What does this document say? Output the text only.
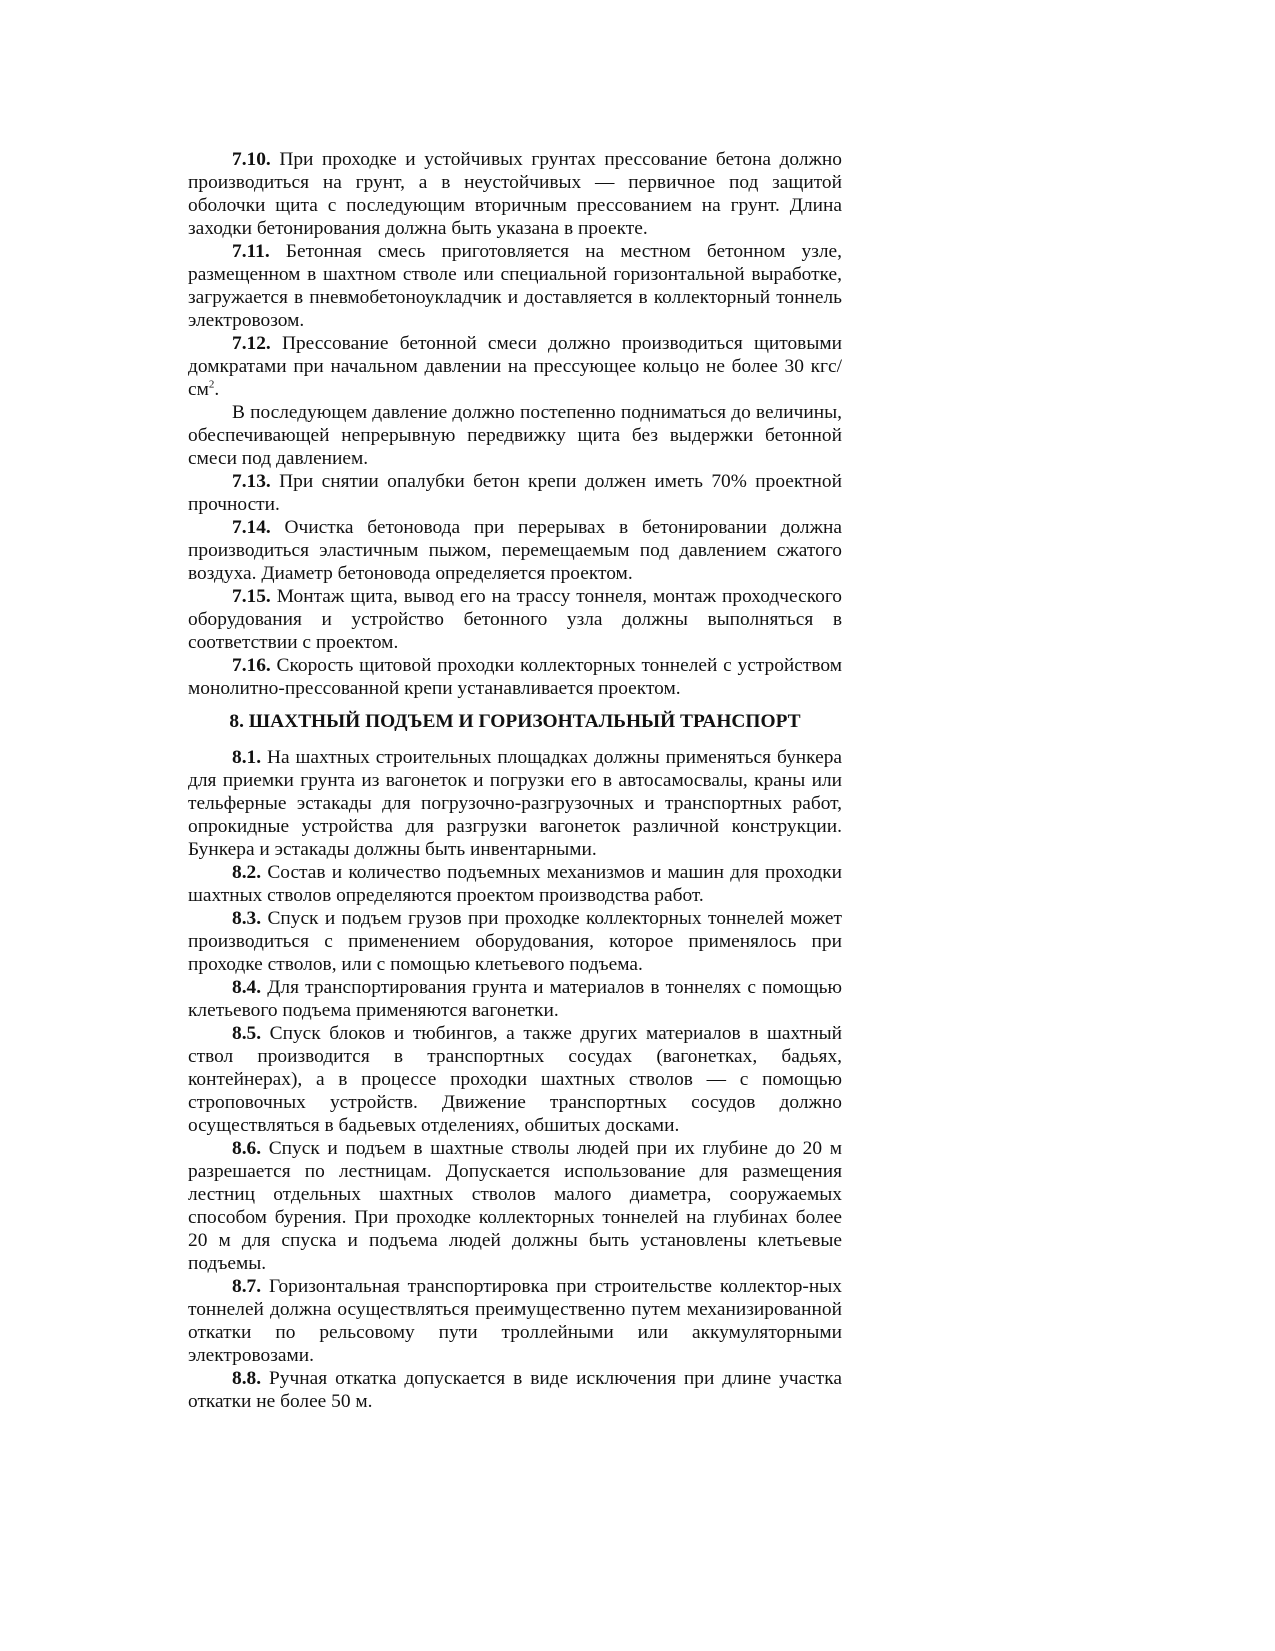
7.10. При проходке и устойчивых грунтах прессование бетона должно производиться на грунт, а в неустойчивых — первичное под защитой оболочки щита с последующим вторичным прессованием на грунт. Длина заходки бетонирования должна быть указана в проекте.

7.11. Бетонная смесь приготовляется на местном бетонном узле, размещенном в шахтном стволе или специальной горизонтальной выработке, загружается в пневмобетоноукладчик и доставляется в коллекторный тоннель электровозом.

7.12. Прессование бетонной смеси должно производиться щитовыми домкратами при начальном давлении на прессующее кольцо не более 30 кгс/$см^2$.

В последующем давление должно постепенно подниматься до величины, обеспечивающей непрерывную передвижку щита без выдержки бетонной смеси под давлением.

7.13. При снятии опалубки бетон крепи должен иметь 70% проектной прочности.

7.14. Очистка бетоновода при перерывах в бетонировании должна производиться эластичным пыжом, перемещаемым под давлением сжатого воздуха. Диаметр бетоновода определяется проектом.

7.15. Монтаж щита, вывод его на трассу тоннеля, монтаж проходческого оборудования и устройство бетонного узла должны выполняться в соответствии с проектом.

7.16. Скорость щитовой проходки коллекторных тоннелей с устройством монолитно-прессованной крепи устанавливается проектом.

8. ШАХТНЫЙ ПОДЪЕМ И ГОРИЗОНТАЛЬНЫЙ ТРАНСПОРТ

8.1. На шахтных строительных площадках должны применяться бункера для приемки грунта из вагонеток и погрузки его в автосамосвалы, краны или тельферные эстакады для погрузочно-разгрузочных и транспортных работ, опрокидные устройства для разгрузки вагонеток различной конструкции. Бункера и эстакады должны быть инвентарными.

8.2. Состав и количество подъемных механизмов и машин для проходки шахтных стволов определяются проектом производства работ.

8.3. Спуск и подъем грузов при проходке коллекторных тоннелей может производиться с применением оборудования, которое применялось при проходке стволов, или с помощью клетьевого подъема.

8.4. Для транспортирования грунта и материалов в тоннелях с помощью клетьевого подъема применяются вагонетки.

8.5. Спуск блоков и тюбингов, а также других материалов в шахтный ствол производится в транспортных сосудах (вагонетках, бадьях, контейнерах), а в процессе проходки шахтных стволов — с помощью строповочных устройств. Движение транспортных сосудов должно осуществляться в бадьевых отделениях, обшитых досками.

8.6. Спуск и подъем в шахтные стволы людей при их глубине до 20 м разрешается по лестницам. Допускается использование для размещения лестниц отдельных шахтных стволов малого диаметра, сооружаемых способом бурения. При проходке коллекторных тоннелей на глубинах более 20 м для спуска и подъема людей должны быть установлены клетьевые подъемы.

8.7. Горизонтальная транспортировка при строительстве коллектор-ных тоннелей должна осуществляться преимущественно путем механизированной откатки по рельсовому пути троллейными или аккумуляторными электровозами.

8.8. Ручная откатка допускается в виде исключения при длине участка откатки не более 50 м.
